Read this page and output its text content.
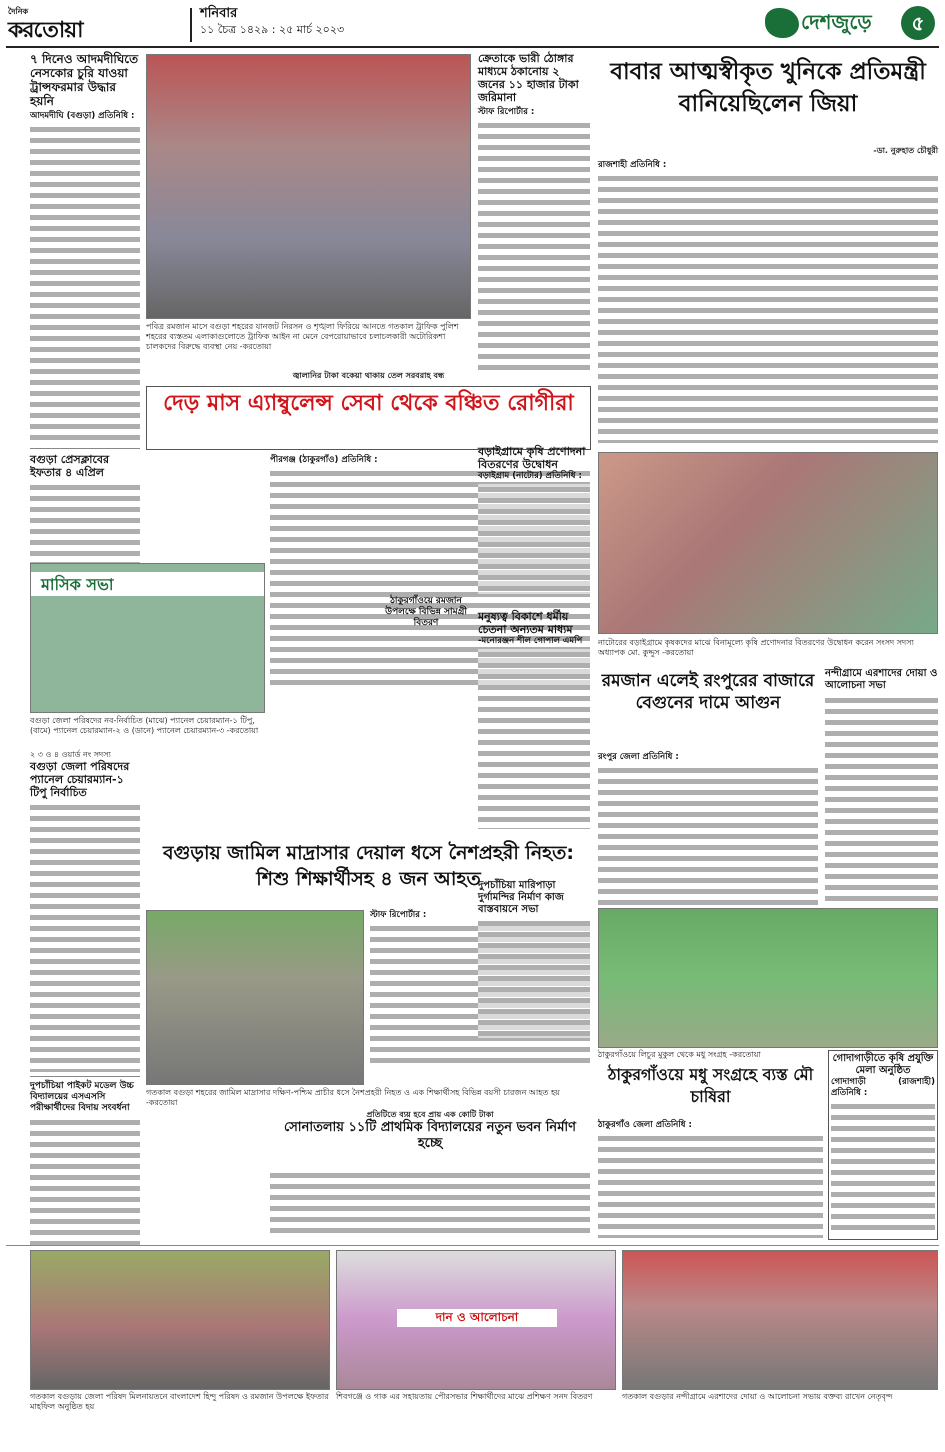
দৈনিক
করতোয়া
শনিবার
১১ চৈত্র ১৪২৯ : ২৫ মার্চ ২০২৩	দেশজুড়ে	৫
৭ দিনেও আদমদীঘিতে নেসকোর চুরি যাওয়া ট্রান্সফরমার উদ্ধার হয়নি
আদমদীঘি (বগুড়া) প্রতিনিধি :
বগুড়া প্রেসক্লাবের ইফতার ৪ এপ্রিল
মাসিক সভা
বগুড়া জেলা পরিষদের নব-নির্বাচিত (মাঝে) প্যানেল চেয়ারম্যান-১ টিপু, (বামে) প্যানেল চেয়ারম্যান-২ ও (ডানে) প্যানেল চেয়ারম্যান-৩ -করতোয়া
২ ৩ ও ৪ ওয়ার্ড নং সদস্য
বগুড়া জেলা পরিষদের প্যানেল চেয়ারম্যান-১ টিপু নির্বাচিত
দুপচাঁচিয়া পাইকট মডেল উচ্চ বিদ্যালয়ের এসএসসি পরীক্ষার্থীদের বিদায় সংবর্ধনা
পবিত্র রমজান মাসে বগুড়া শহরের যানজট নিরসন ও শৃঙ্খলা ফিরিয়ে আনতে গতকাল ট্রাফিক পুলিশ শহরের ব্যস্ততম এলাকাগুলোতে ট্রাফিক আইন না মেনে বেপরোয়াভাবে চলাচলকারী অটোরিকশা চালকদের বিরুদ্ধে ব্যবস্থা নেয় -করতোয়া
ক্রেতাকে ভারী ঠোঙ্গার মাধ্যমে ঠকানোয় ২ জনের ১১ হাজার টাকা জরিমানা
স্টাফ রিপোর্টার :
বাবার আত্মস্বীকৃত খুনিকে প্রতিমন্ত্রী বানিয়েছিলেন জিয়া
-ডা. নুরুহাত চৌধুরী
রাজশাহী প্রতিনিধি :
নাটোরের বড়াইগ্রামে কৃষকদের মাঝে বিনামূল্যে কৃষি প্রণোদনার বিতরণের উদ্বোধন করেন সংসদ সদস্য অধ্যাপক মো. কুদ্দুস -করতোয়া
জ্বালানির টাকা বকেয়া থাকায় তেল সরবরাহ বন্ধ
দেড় মাস এ্যাম্বুলেন্স সেবা থেকে বঞ্চিত রোগীরা
পীরগঞ্জ (ঠাকুরগাঁও) প্রতিনিধি :
বড়াইগ্রামে কৃষি প্রণোদনা বিতরণের উদ্বোধন
বড়াইগ্রাম (নাটোর) প্রতিনিধি :
ঠাকুরগাঁওয়ে রমজান উপলক্ষে বিভিন্ন সামগ্রী বিতরণ	মনুষ্যত্ব বিকাশে ধর্মীয় চেতনা অন্যতম মাধ্যম
-মনোরঞ্জন শীল গোপাল এমপি
রমজান এলেই রংপুরের বাজারে বেগুনের দামে আগুন
রংপুর জেলা প্রতিনিধি :
নন্দীগ্রামে এরশাদের দোয়া ও আলোচনা সভা
বগুড়ায় জামিল মাদ্রাসার দেয়াল ধসে নৈশপ্রহরী নিহত: শিশু শিক্ষার্থীসহ ৪ জন আহত
স্টাফ রিপোর্টার :
গতকাল বগুড়া শহরের জামিল মাদ্রাসার দক্ষিণ-পশ্চিম প্রাচীর ধসে নৈশপ্রহরী নিহত ও এক শিক্ষার্থীসহ বিভিন্ন বয়সী চারজন আহত হয় -করতোয়া
দুপচাঁচিয়া মারিপাড়া দুর্গামন্দির নির্মাণ কাজ বাস্তবায়নে সভা
ঠাকুরগাঁওয়ে লিচুর মুকুল থেকে মধু সংগ্রহ -করতোয়া
প্রতিটিতে ব্যয় হবে প্রায় এক কোটি টাকা
সোনাতলায় ১১টি প্রাথমিক বিদ্যালয়ের নতুন ভবন নির্মাণ হচ্ছে
ঠাকুরগাঁওয়ে মধু সংগ্রহে ব্যস্ত মৌ চাষিরা
ঠাকুরগাঁও জেলা প্রতিনিধি :
গোদাগাড়ীতে কৃষি প্রযুক্তি মেলা অনুষ্ঠিত
গোদাগাড়ী (রাজশাহী) প্রতিনিধি :
গতকাল বগুড়ায় জেলা পরিষদ মিলনায়তনে বাংলাদেশ হিন্দু পরিষদ ও রমজান উপলক্ষে ইফতার মাহফিল অনুষ্ঠিত হয়
দান ও আলোচনা
শিবগঞ্জে ও গাক এর সহায়তায় পৌরসভার শিক্ষার্থীদের মাঝে প্রশিক্ষণ সনদ বিতরণ	গতকাল বগুড়ার নন্দীগ্রামে এরশাদের দোয়া ও আলোচনা সভায় বক্তব্য রাখেন নেতৃবৃন্দ
